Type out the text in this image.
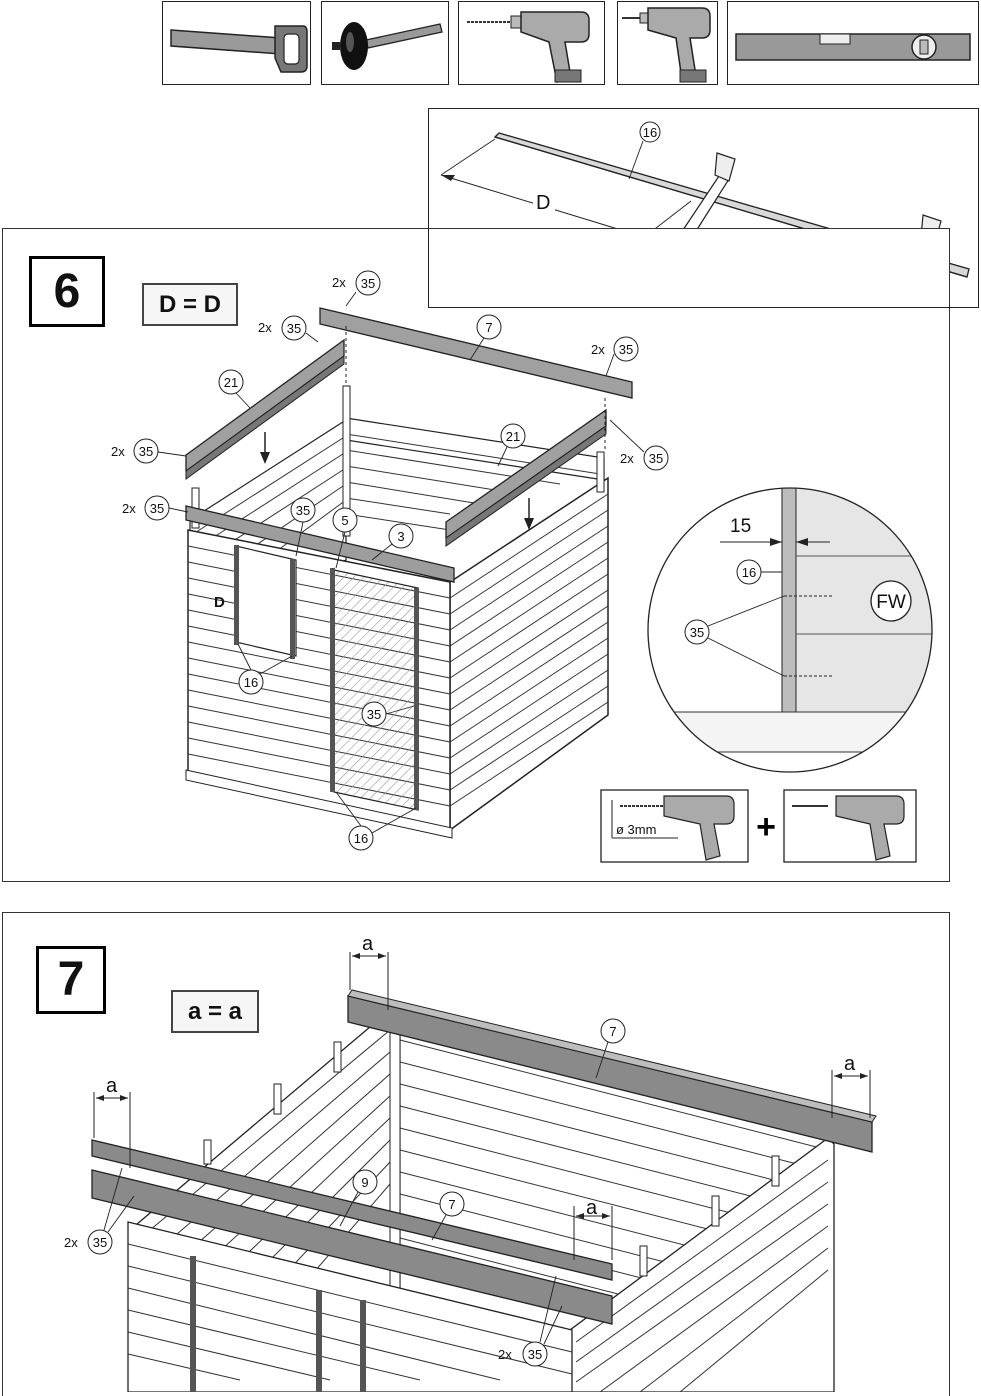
D
16
6	D = D
2x 35
2x 35	7
2x 35
21
21
2x 35	2x 35
2x 35	35
5
3
D
16
35
16
15
16
35
FW
ø 3mm	+
7
a = a
a
a
a
a
7
9
7
2x 35
2x 35
